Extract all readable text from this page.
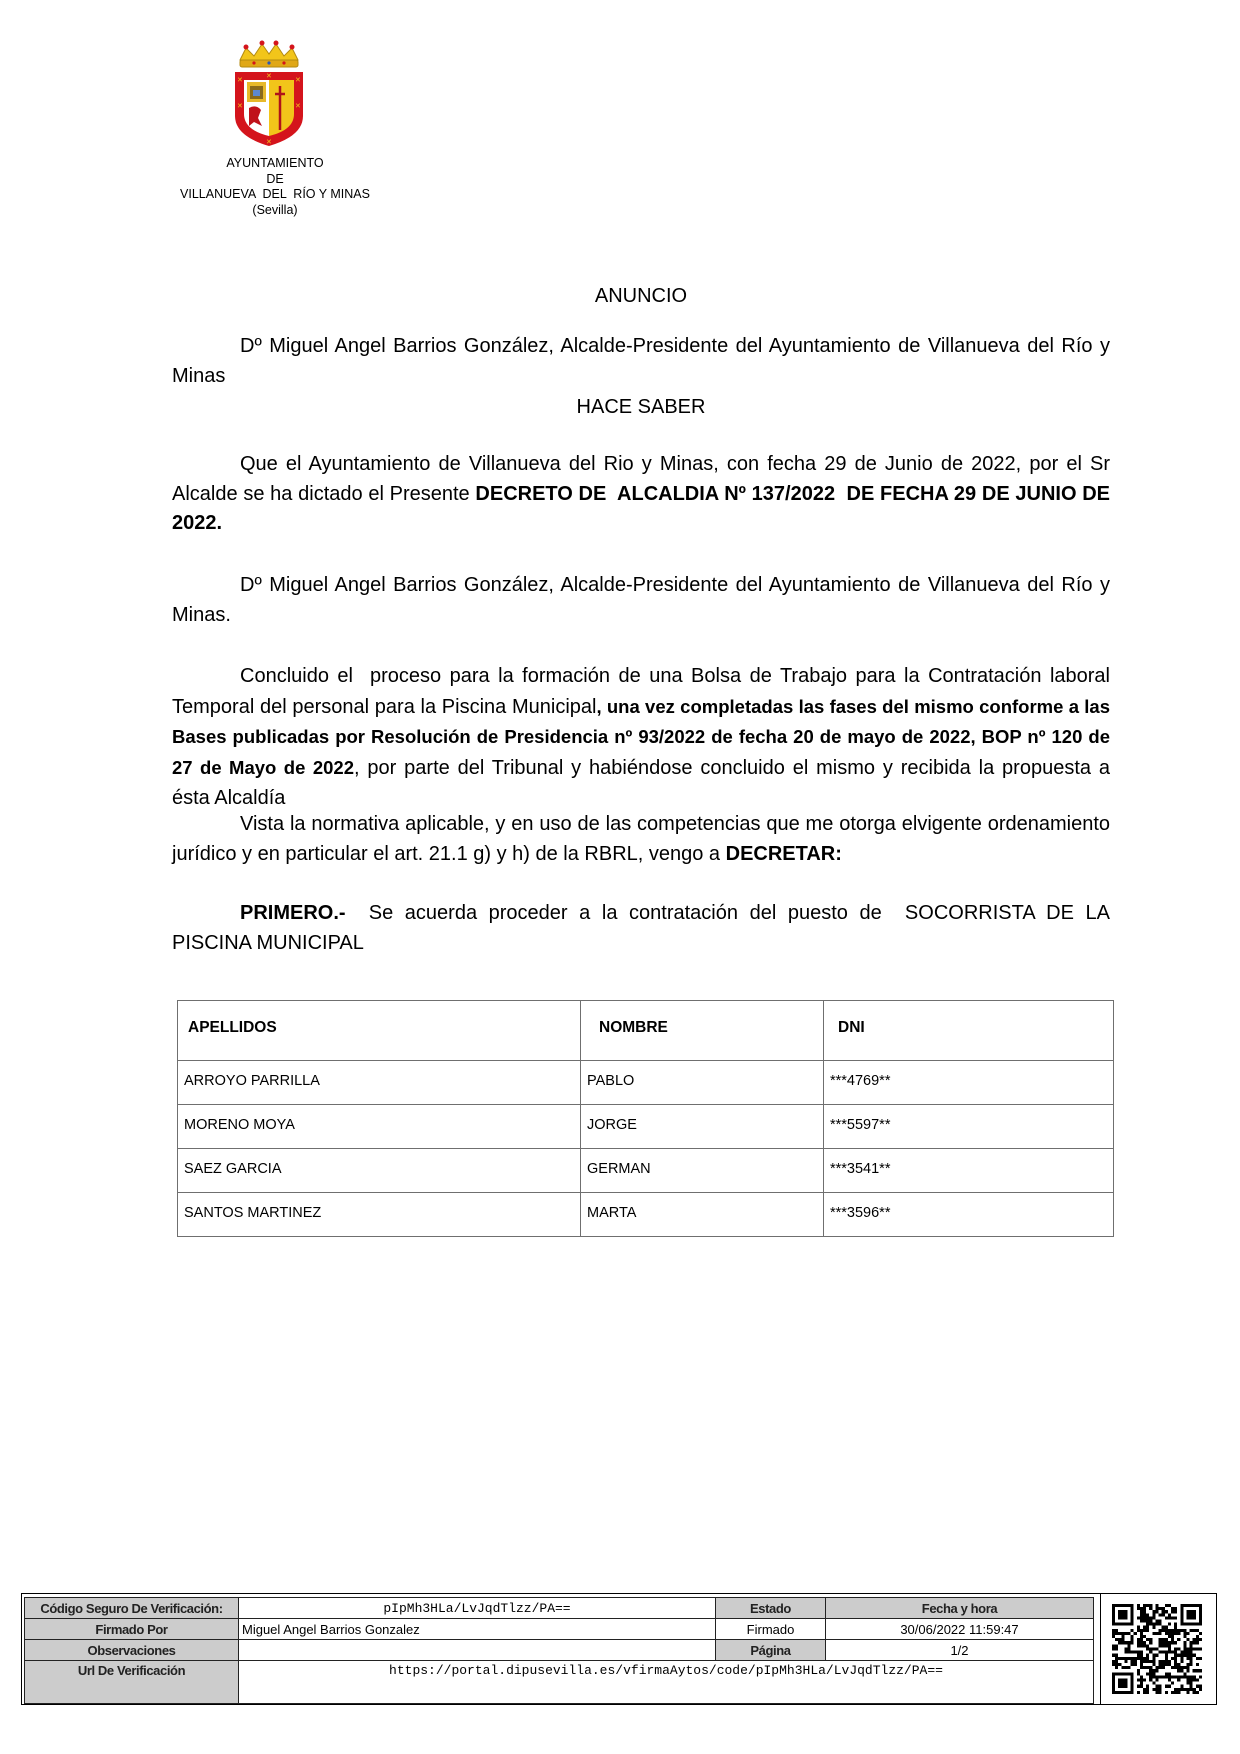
✕	✕
✕	✕
✕
✕
AYUNTAMIENTO
DE
VILLANUEVA  DEL  RÍO Y MINAS
(Sevilla)
ANUNCIO
Dº Miguel Angel Barrios González, Alcalde-Presidente del Ayuntamiento de Villanueva del Río y Minas
HACE SABER
Que el Ayuntamiento de Villanueva del Rio y Minas, con fecha 29 de Junio de 2022, por el Sr Alcalde se ha dictado el Presente DECRETO DE  ALCALDIA Nº 137/2022  DE FECHA 29 DE JUNIO DE 2022.
Dº Miguel Angel Barrios González, Alcalde-Presidente del Ayuntamiento de Villanueva del Río y Minas.
Concluido el  proceso para la formación de una Bolsa de Trabajo para la Contratación laboral Temporal del personal para la Piscina Municipal, una vez completadas las fases del mismo conforme a las Bases publicadas por Resolución de Presidencia nº 93/2022 de fecha 20 de mayo de 2022, BOP nº 120 de 27 de Mayo de 2022, por parte del Tribunal y habiéndose concluido el mismo y recibida la propuesta a ésta Alcaldía
Vista la normativa aplicable, y en uso de las competencias que me otorga elvigente ordenamiento jurídico y en particular el art. 21.1 g) y h) de la RBRL, vengo a DECRETAR:
PRIMERO.-  Se acuerda proceder a la contratación del puesto de  SOCORRISTA DE LA PISCINA MUNICIPAL
APELLIDOS	NOMBRE	DNI
ARROYO PARRILLA	PABLO	***4769**
MORENO MOYA	JORGE	***5597**
SAEZ GARCIA	GERMAN	***3541**
SANTOS MARTINEZ	MARTA	***3596**
Código Seguro De Verificación:	pIpMh3HLa/LvJqdTlzz/PA==	Estado	Fecha y hora
Firmado Por	Miguel Angel Barrios Gonzalez	Firmado	30/06/2022 11:59:47
Observaciones		Página	1/2
Url De Verificación	https://portal.dipusevilla.es/vfirmaAytos/code/pIpMh3HLa/LvJqdTlzz/PA==		
